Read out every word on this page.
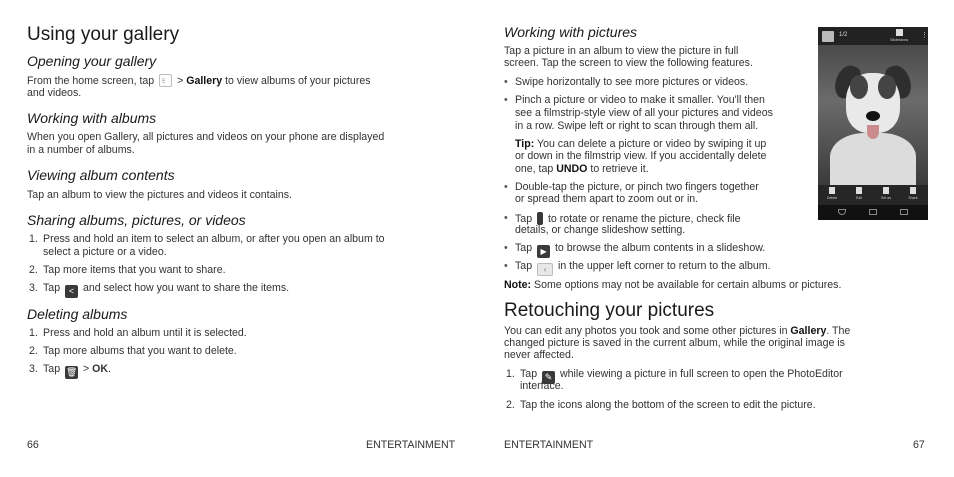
Using your gallery
Opening your gallery
From the home screen, tap ⁝⁝⁝ > Gallery to view albums of your pictures
and videos.
Working with albums
When you open Gallery, all pictures and videos on your phone are displayed
in a number of albums.
Viewing album contents
Tap an album to view the pictures and videos it contains.
Sharing albums, pictures, or videos
1. Press and hold an item to select an album, or after you open an album to
select a picture or a video.
2. Tap more items that you want to share.
3. Tap < and select how you want to share the items.
Deleting albums
1. Press and hold an album until it is selected.
2. Tap more albums that you want to delete.
3. Tap 🗑 > OK.
66	ENTERTAINMENT
Working with pictures
Tap a picture in an album to view the picture in full
screen. Tap the screen to view the following features.
• Swipe horizontally to see more pictures or videos.
• Pinch a picture or video to make it smaller. You'll then
see a filmstrip-style view of all your pictures and videos
in a row. Swipe left or right to scan through them all.
Tip: You can delete a picture or video by swiping it up
or down in the filmstrip view. If you accidentally delete
one, tap UNDO to retrieve it.
• Double-tap the picture, or pinch two fingers together
or spread them apart to zoom out or in.
• Tap  to rotate or rename the picture, check file
details, or change slideshow setting.
• Tap ▶ to browse the album contents in a slideshow.
• Tap ‹ in the upper left corner to return to the album.
Note: Some options may not be available for certain albums or pictures.
Retouching your pictures
You can edit any photos you took and some other pictures in Gallery. The
changed picture is saved in the current album, while the original image is
never affected.
1. Tap ✎ while viewing a picture in full screen to open the PhotoEditor
interface.
2. Tap the icons along the bottom of the screen to edit the picture.
1/2
Slideshow
⋮
Delete	Edit	Set as	Share
ENTERTAINMENT	67
